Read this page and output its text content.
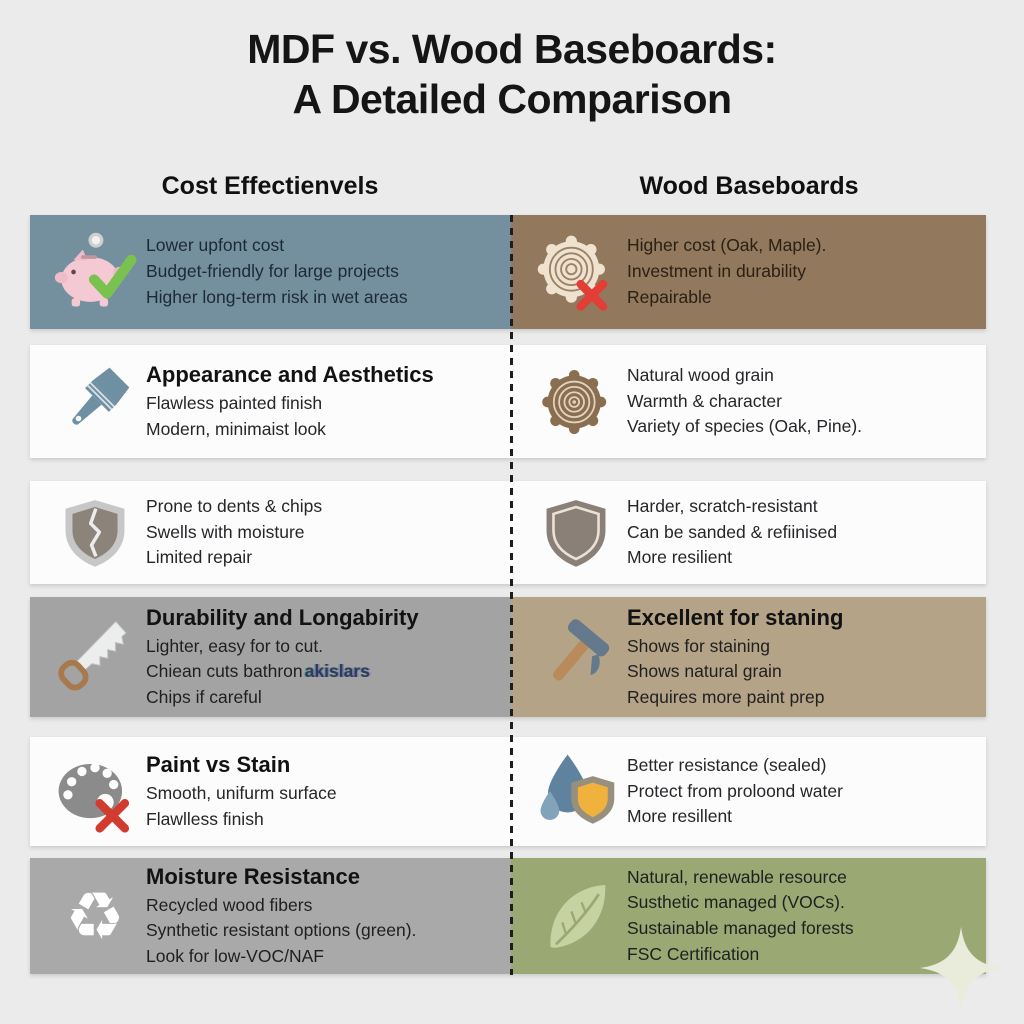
MDF vs. Wood Baseboards:
A Detailed Comparison
Cost Effectienvels	Wood Baseboards
Lower upfont cost
Budget-friendly for large projects
Higher long-term risk in wet areas
Higher cost (Oak, Maple).
Investment in durability
Repairable
Appearance and Aesthetics
Flawless painted finish
Modern, minimaist look
Natural wood grain
Warmth & character
Variety of species (Oak, Pine).
Prone to dents & chips
Swells with moisture
Limited repair
Harder, scratch-resistant
Can be sanded & refiinised
More resilient
Durability and Longabirity
Lighter, easy for to cut.
Chiean cuts bathron akislars
Chips if careful
Excellent for staning
Shows for staining
Shows natural grain
Requires more paint prep
Paint vs Stain
Smooth, unifurm surface
Flawlless finish
Better resistance (sealed)
Protect from proloond water
More resillent
♻
Moisture Resistance
Recycled wood fibers
Synthetic resistant options (green).
Look for low-VOC/NAF
Natural, renewable resource
Susthetic managed (VOCs).
Sustainable managed forests
FSC Certification
